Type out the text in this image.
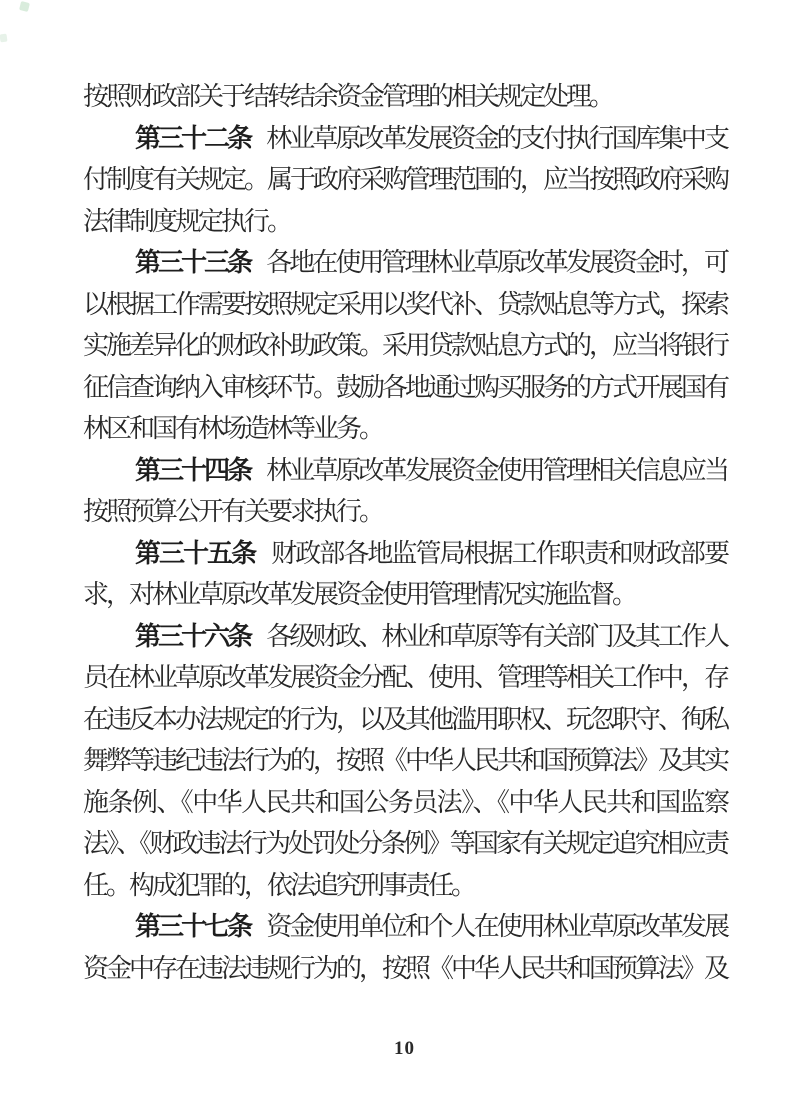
按照财政部关于结转结余资金管理的相关规定处理。

第三十二条 林业草原改革发展资金的支付执行国库集中支付制度有关规定。属于政府采购管理范围的，应当按照政府采购法律制度规定执行。

第三十三条 各地在使用管理林业草原改革发展资金时，可以根据工作需要按照规定采用以奖代补、贷款贴息等方式，探索实施差异化的财政补助政策。采用贷款贴息方式的，应当将银行征信查询纳入审核环节。鼓励各地通过购买服务的方式开展国有林区和国有林场造林等业务。

第三十四条 林业草原改革发展资金使用管理相关信息应当按照预算公开有关要求执行。

第三十五条 财政部各地监管局根据工作职责和财政部要求，对林业草原改革发展资金使用管理情况实施监督。

第三十六条 各级财政、林业和草原等有关部门及其工作人员在林业草原改革发展资金分配、使用、管理等相关工作中，存在违反本办法规定的行为，以及其他滥用职权、玩忽职守、徇私舞弊等违纪违法行为的，按照《中华人民共和国预算法》及其实施条例、《中华人民共和国公务员法》、《中华人民共和国监察法》、《财政违法行为处罚处分条例》等国家有关规定追究相应责任。构成犯罪的，依法追究刑事责任。

第三十七条 资金使用单位和个人在使用林业草原改革发展资金中存在违法违规行为的，按照《中华人民共和国预算法》及

10
